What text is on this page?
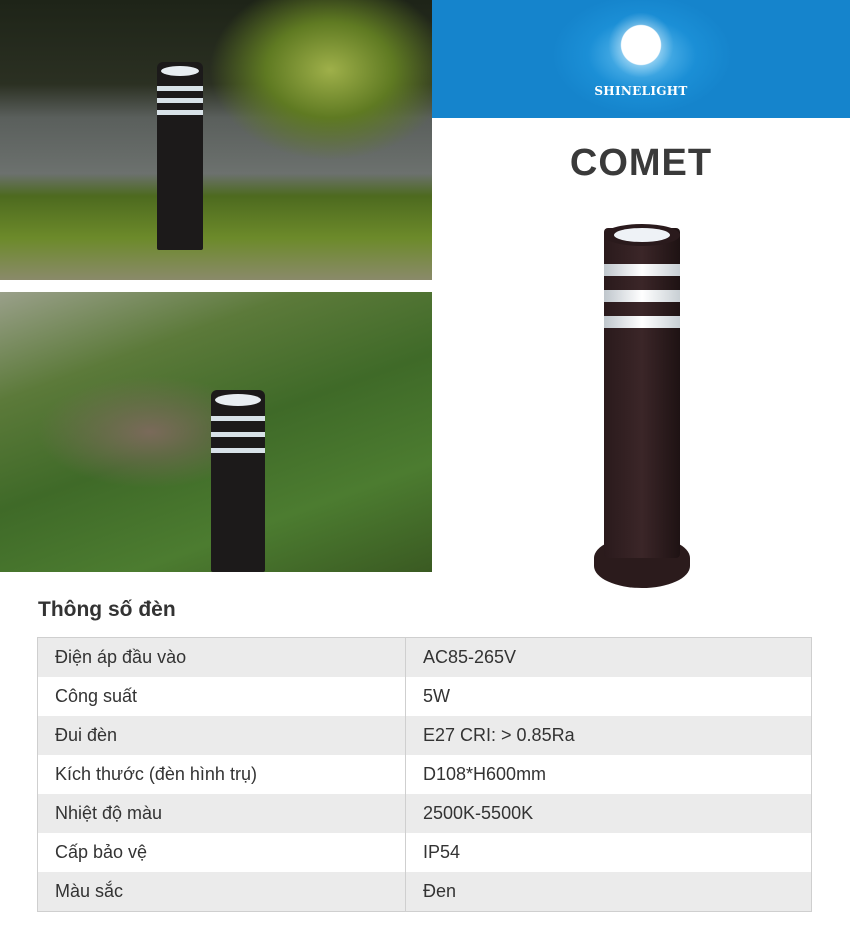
SHINELIGHT
COMET
Thông số đèn
Điện áp đầu vào	AC85-265V
Công suất	5W
Đui đèn	E27 CRI: > 0.85Ra
Kích thước (đèn hình trụ)	D108*H600mm
Nhiệt độ màu	2500K-5500K
Cấp bảo vệ	IP54
Màu sắc	Đen
